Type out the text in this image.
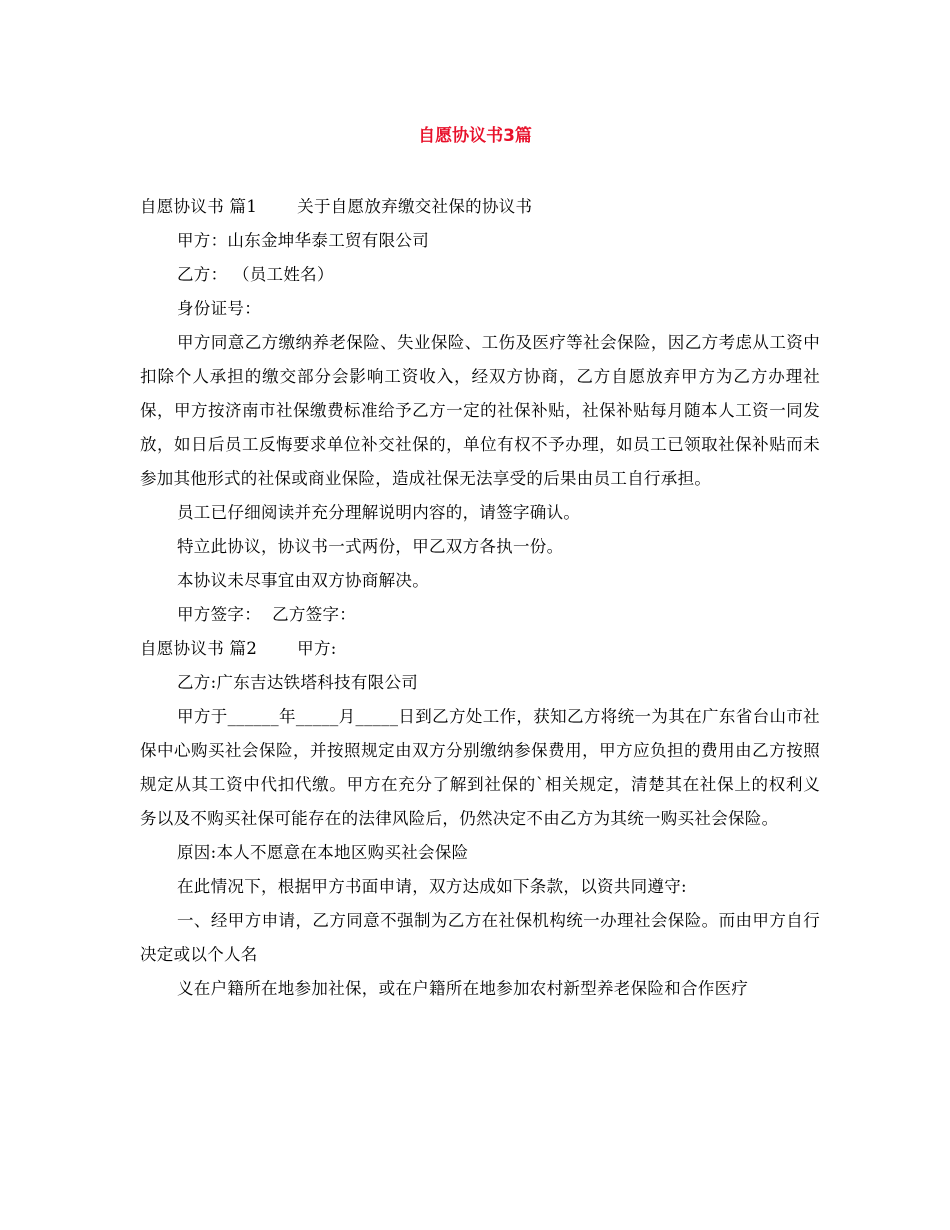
自愿协议书3篇

自愿协议书 篇1 关于自愿放弃缴交社保的协议书

甲方：山东金坤华泰工贸有限公司

乙方： （员工姓名）

身份证号：

甲方同意乙方缴纳养老保险、失业保险、工伤及医疗等社会保险，因乙方考虑从工资中扣除个人承担的缴交部分会影响工资收入，经双方协商，乙方自愿放弃甲方为乙方办理社保，甲方按济南市社保缴费标准给予乙方一定的社保补贴，社保补贴每月随本人工资一同发放，如日后员工反悔要求单位补交社保的，单位有权不予办理，如员工已领取社保补贴而未参加其他形式的社保或商业保险，造成社保无法享受的后果由员工自行承担。

员工已仔细阅读并充分理解说明内容的，请签字确认。

特立此协议，协议书一式两份，甲乙双方各执一份。

本协议未尽事宜由双方协商解决。

甲方签字：  乙方签字：

自愿协议书 篇2 甲方:

乙方:广东吉达铁塔科技有限公司

甲方于______年_____月_____日到乙方处工作，获知乙方将统一为其在广东省台山市社保中心购买社会保险，并按照规定由双方分别缴纳参保费用，甲方应负担的费用由乙方按照规定从其工资中代扣代缴。甲方在充分了解到社保的`相关规定，清楚其在社保上的权利义务以及不购买社保可能存在的法律风险后，仍然决定不由乙方为其统一购买社会保险。

原因:本人不愿意在本地区购买社会保险

在此情况下，根据甲方书面申请，双方达成如下条款，以资共同遵守:

一、经甲方申请，乙方同意不强制为乙方在社保机构统一办理社会保险。而由甲方自行决定或以个人名

义在户籍所在地参加社保，或在户籍所在地参加农村新型养老保险和合作医疗
